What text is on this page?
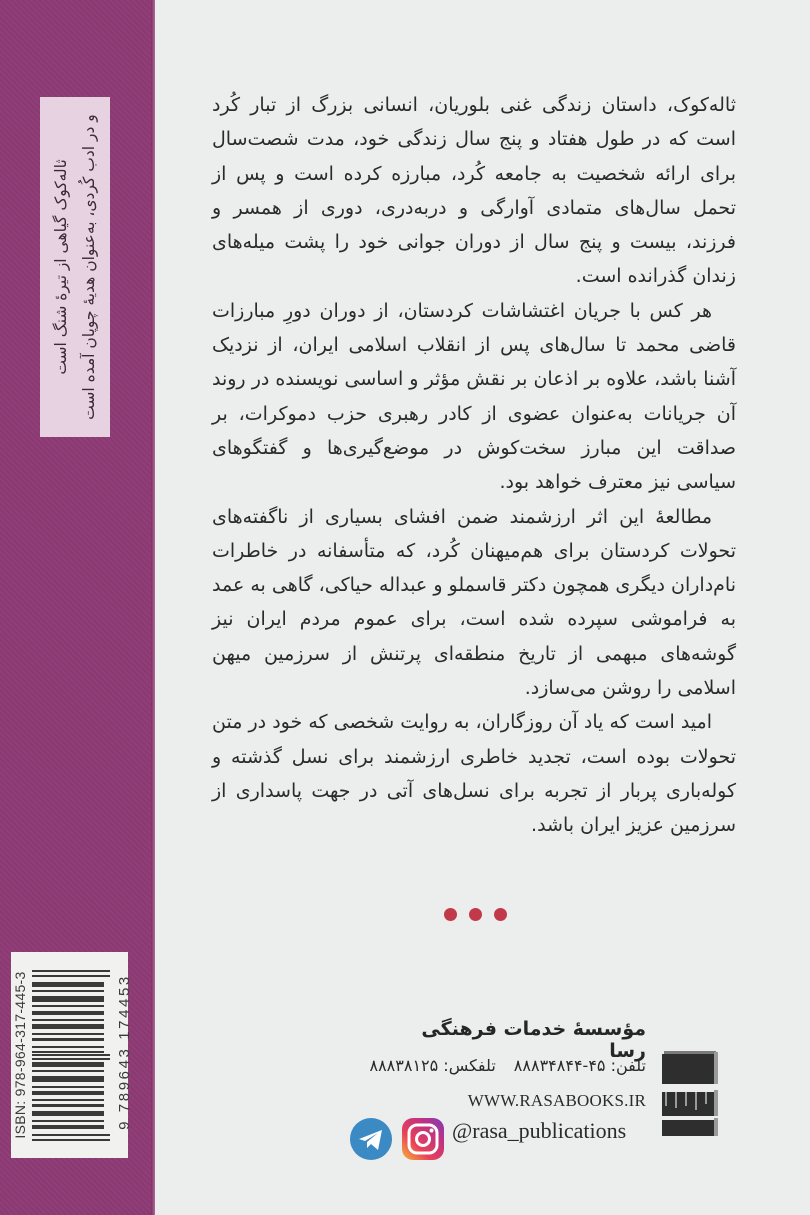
ثاله‌کوک گیاهی از تیرهٔ شنگ است و در ادب کُردی، به‌عنوان هدیهٔ چوپان آمده است
ISBN: 978-964-317-445-3	9 789643 174453

ثاله‌کوک، داستان زندگی غنی بلوریان، انسانی بزرگ از تبار کُرد است که در طول هفتاد و پنج سال زندگی خود، مدت شصت‌سال برای ارائه شخصیت به جامعه کُرد، مبارزه کرده است و پس از تحمل سال‌های متمادی آوارگی و دربه‌دری، دوری از همسر و فرزند، بیست‌ و پنج سال از دوران جوانی خود را پشت میله‌های زندان گذرانده است.

هر کس با جریان اغتشاشات کردستان، از دوران دورِ مبارزات قاضی محمد تا سال‌های پس از انقلاب اسلامی ایران، از نزدیک آشنا باشد، علاوه بر اذعان بر نقش مؤثر و اساسی نویسنده در روند آن جریانات به‌عنوان عضوی از کادر رهبری حزب دموکرات، بر صداقت این مبارز سخت‌کوش در موضع‌گیری‌ها و گفتگوهای سیاسی نیز معترف خواهد بود.

مطالعهٔ این اثر ارزشمند ضمن افشای بسیاری از ناگفته‌های تحولات کردستان برای هم‌میهنان کُرد، که متأسفانه در خاطرات نام‌داران دیگری همچون دکتر قاسملو و عبداله حیاکی، گاهی به عمد به فراموشی سپرده شده است، برای عموم مردم ایران نیز گوشه‌های مبهمی از تاریخ منطقه‌ای پرتنش از سرزمین میهن اسلامی را روشن می‌سازد.

امید است که یاد آن روزگاران، به روایت شخصی که خود در متن تحولات بوده است، تجدید خاطری ارزشمند برای نسل گذشته و کوله‌باری پربار از تجربه برای نسل‌های آتی در جهت پاسداری از سرزمین عزیز ایران باشد.

مؤسسهٔ خدمات فرهنگی رسا
تلفن: ۴۵-۸۸۸۳۴۸۴۴تلفکس: ۸۸۸۳۸۱۲۵
WWW.RASABOOKS.IR
@rasa_publications
